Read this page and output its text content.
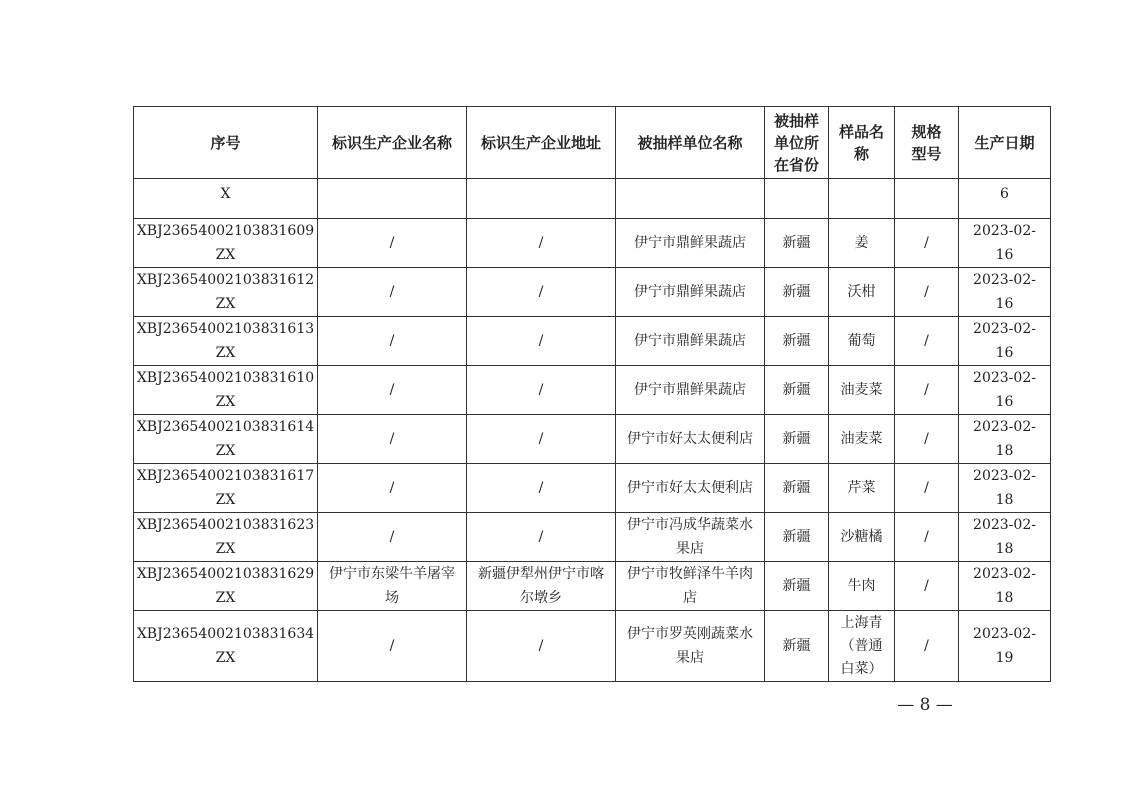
序号	标识生产企业名称	标识生产企业地址	被抽样单位名称	被抽样单位所在省份	样品名称	规格型号	生产日期
X							6
XBJ23654002103831609ZX	/	/	伊宁市鼎鲜果蔬店	新疆	姜	/	2023-02-16
XBJ23654002103831612ZX	/	/	伊宁市鼎鲜果蔬店	新疆	沃柑	/	2023-02-16
XBJ23654002103831613ZX	/	/	伊宁市鼎鲜果蔬店	新疆	葡萄	/	2023-02-16
XBJ23654002103831610ZX	/	/	伊宁市鼎鲜果蔬店	新疆	油麦菜	/	2023-02-16
XBJ23654002103831614ZX	/	/	伊宁市好太太便利店	新疆	油麦菜	/	2023-02-18
XBJ23654002103831617ZX	/	/	伊宁市好太太便利店	新疆	芹菜	/	2023-02-18
XBJ23654002103831623ZX	/	/	伊宁市冯成华蔬菜水果店	新疆	沙糖橘	/	2023-02-18
XBJ23654002103831629ZX	伊宁市东梁牛羊屠宰场	新疆伊犁州伊宁市喀尔墩乡	伊宁市牧鲜泽牛羊肉店	新疆	牛肉	/	2023-02-18
XBJ23654002103831634ZX	/	/	伊宁市罗英刚蔬菜水果店	新疆	上海青（普通白菜）	/	2023-02-19
— 8 —
